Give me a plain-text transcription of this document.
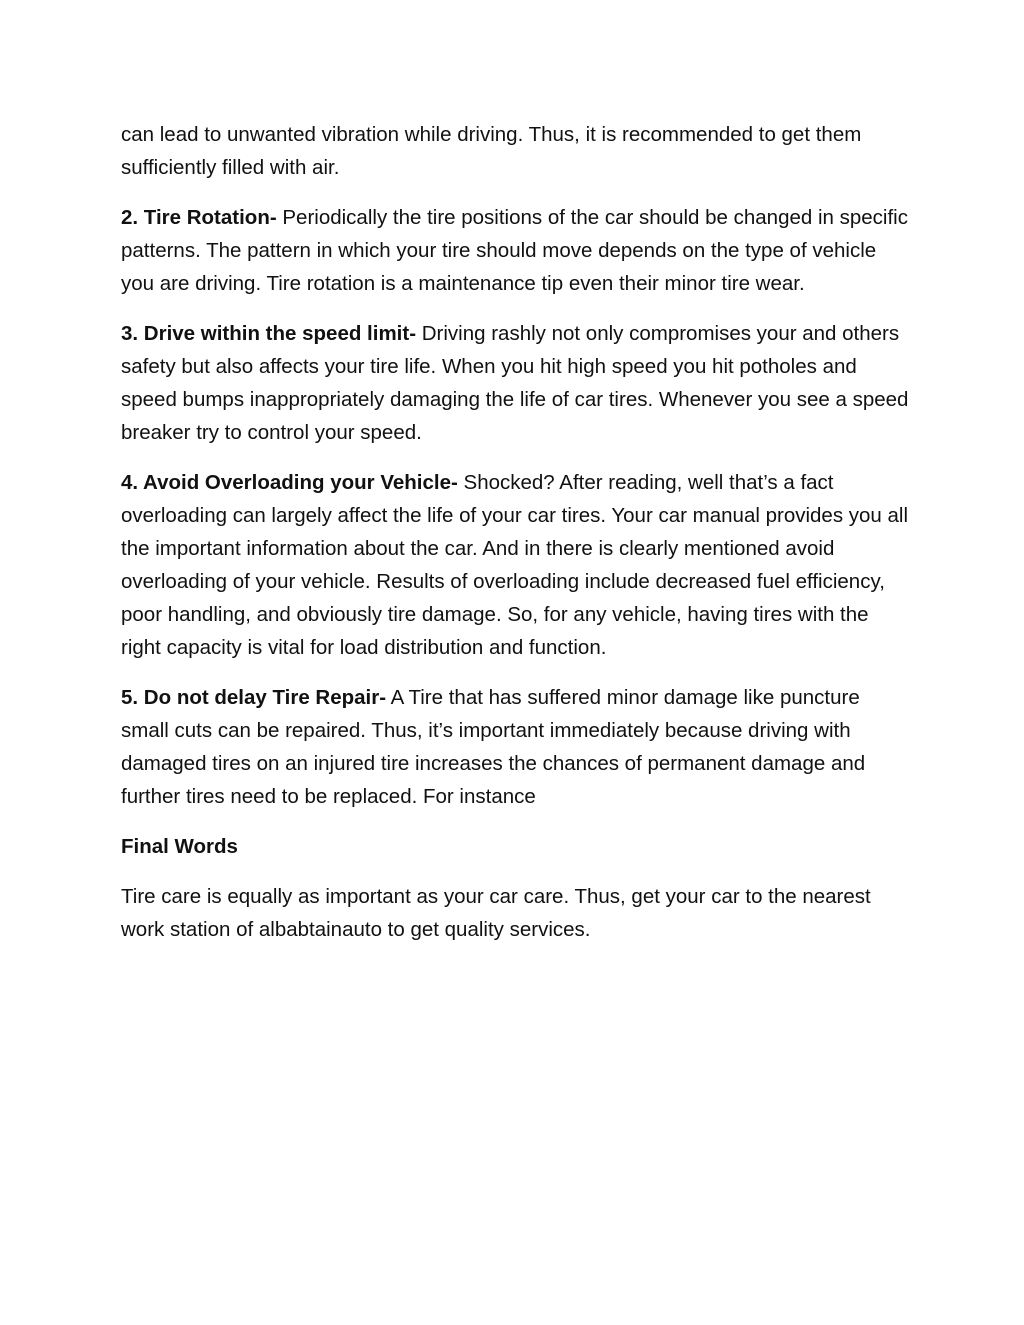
can lead to unwanted vibration while driving. Thus, it is recommended to get them sufficiently filled with air.

2. Tire Rotation- Periodically the tire positions of the car should be changed in specific patterns. The pattern in which your tire should move depends on the type of vehicle you are driving. Tire rotation is a maintenance tip even their minor tire wear.

3. Drive within the speed limit- Driving rashly not only compromises your and others safety but also affects your tire life. When you hit high speed you hit potholes and speed bumps inappropriately damaging the life of car tires. Whenever you see a speed breaker try to control your speed.

4. Avoid Overloading your Vehicle- Shocked? After reading, well that’s a fact overloading can largely affect the life of your car tires. Your car manual provides you all the important information about the car. And in there is clearly mentioned avoid overloading of your vehicle. Results of overloading include decreased fuel efficiency, poor handling, and obviously tire damage. So, for any vehicle, having tires with the right capacity is vital for load distribution and function.

5. Do not delay Tire Repair- A Tire that has suffered minor damage like puncture small cuts can be repaired. Thus, it’s important immediately because driving with damaged tires on an injured tire increases the chances of permanent damage and further tires need to be replaced. For instance

Final Words

Tire care is equally as important as your car care. Thus, get your car to the nearest work station of albabtainauto to get quality services.
